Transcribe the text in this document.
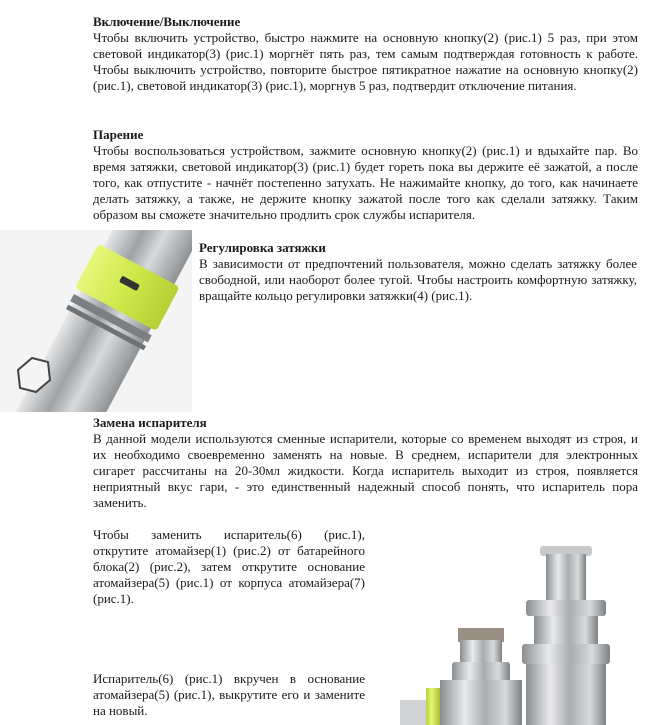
Включение/Выключение

Чтобы включить устройство, быстро нажмите на основную кнопку(2) (рис.1) 5 раз, при этом световой индикатор(3) (рис.1) моргнёт пять раз, тем самым подтверждая готовность к работе. Чтобы выключить устройство, повторите быстрое пятикратное нажатие на основную кнопку(2) (рис.1), световой индикатор(3) (рис.1), моргнув 5 раз, подтвердит отключение питания.

Парение

Чтобы воспользоваться устройством, зажмите основную кнопку(2) (рис.1) и вдыхайте пар. Во время затяжки, световой индикатор(3) (рис.1) будет гореть пока вы держите её зажатой, а после того, как отпустите - начнёт постепенно затухать. Не нажимайте кнопку, до того, как начинаете делать затяжку, а также, не держите кнопку зажатой после того как сделали затяжку. Таким образом вы сможете значительно продлить срок службы испарителя.

Регулировка затяжки

В зависимости от предпочтений пользователя, можно сделать затяжку более свободной, или наоборот более тугой. Чтобы настроить комфортную затяжку, вращайте кольцо регулировки затяжки(4) (рис.1).

Замена испарителя

В данной модели используются сменные испарители, которые со временем выходят из строя, и их необходимо своевременно заменять на новые. В среднем, испарители для электронных сигарет рассчитаны на 20-30мл жидкости. Когда испаритель выходит из строя, появляется неприятный вкус гари, - это единственный надежный способ понять, что испаритель пора заменить.

Чтобы заменить испаритель(6) (рис.1), открутите атомайзер(1) (рис.2) от батарейного блока(2) (рис.2), затем открутите основание атомайзера(5) (рис.1) от корпуса атомайзера(7) (рис.1).

Испаритель(6) (рис.1) вкручен в основание атомайзера(5) (рис.1), выкрутите его и замените на новый.
